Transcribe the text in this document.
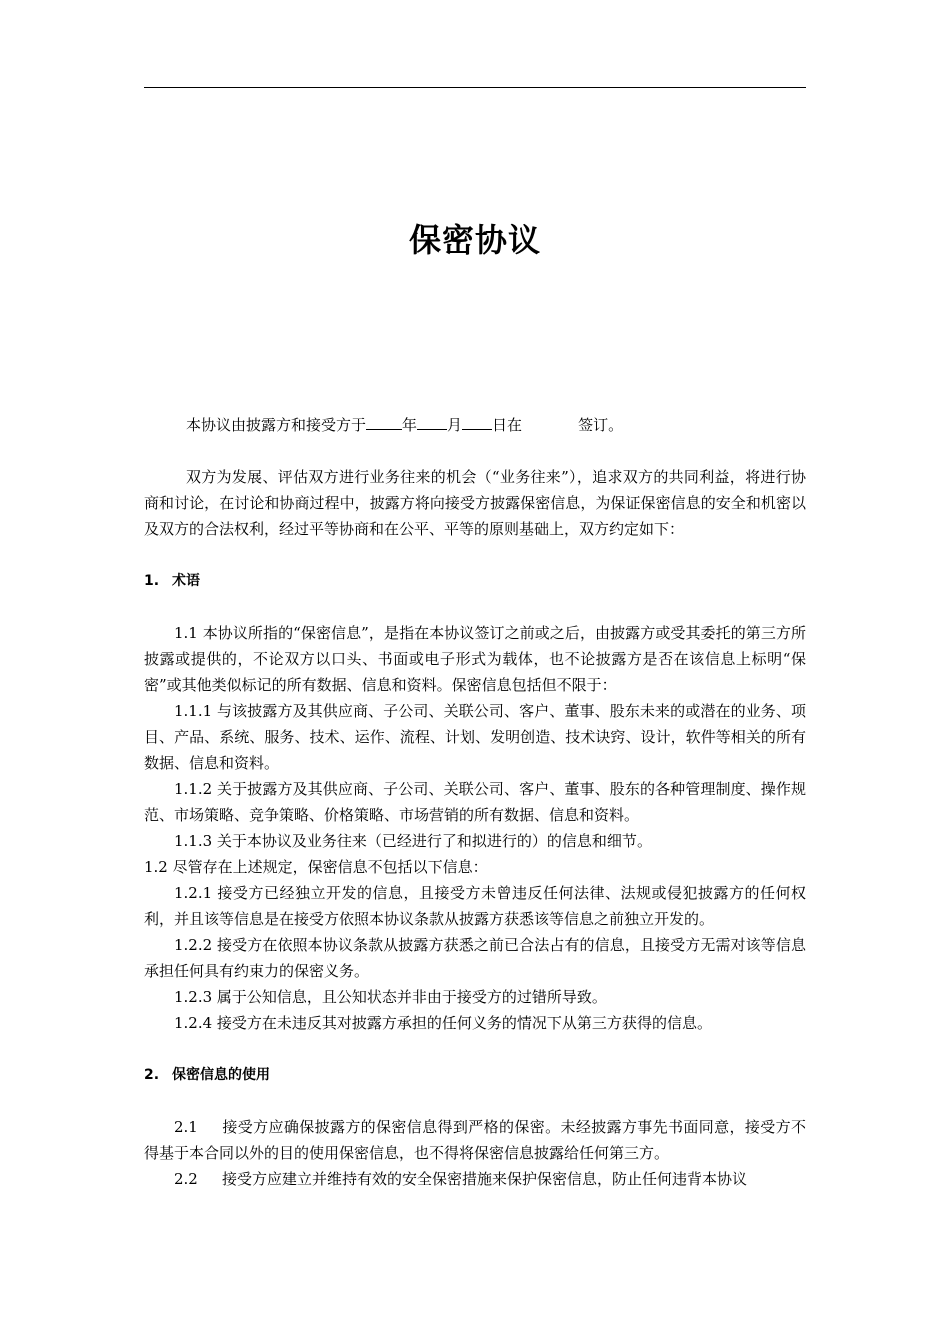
保密协议

本协议由披露方和接受方于 年 月 日在	签订。

双方为发展、评估双方进行业务往来的机会（“业务往来”），追求双方的共同利益，将进行协商和讨论，在讨论和协商过程中，披露方将向接受方披露保密信息，为保证保密信息的安全和机密以及双方的合法权利，经过平等协商和在公平、平等的原则基础上，双方约定如下：

1. 术语

1.1 本协议所指的“保密信息”，是指在本协议签订之前或之后，由披露方或受其委托的第三方所披露或提供的，不论双方以口头、书面或电子形式为载体，也不论披露方是否在该信息上标明“保密”或其他类似标记的所有数据、信息和资料。保密信息包括但不限于：

1.1.1 与该披露方及其供应商、子公司、关联公司、客户、董事、股东未来的或潜在的业务、项目、产品、系统、服务、技术、运作、流程、计划、发明创造、技术诀窍、设计，软件等相关的所有数据、信息和资料。

1.1.2 关于披露方及其供应商、子公司、关联公司、客户、董事、股东的各种管理制度、操作规范、市场策略、竞争策略、价格策略、市场营销的所有数据、信息和资料。

1.1.3 关于本协议及业务往来（已经进行了和拟进行的）的信息和细节。

1.2 尽管存在上述规定，保密信息不包括以下信息：

1.2.1 接受方已经独立开发的信息，且接受方未曾违反任何法律、法规或侵犯披露方的任何权利，并且该等信息是在接受方依照本协议条款从披露方获悉该等信息之前独立开发的。

1.2.2 接受方在依照本协议条款从披露方获悉之前已合法占有的信息，且接受方无需对该等信息承担任何具有约束力的保密义务。

1.2.3 属于公知信息，且公知状态并非由于接受方的过错所导致。

1.2.4 接受方在未违反其对披露方承担的任何义务的情况下从第三方获得的信息。

2. 保密信息的使用

2.1 接受方应确保披露方的保密信息得到严格的保密。未经披露方事先书面同意，接受方不得基于本合同以外的目的使用保密信息，也不得将保密信息披露给任何第三方。

2.2 接受方应建立并维持有效的安全保密措施来保护保密信息，防止任何违背本协议
